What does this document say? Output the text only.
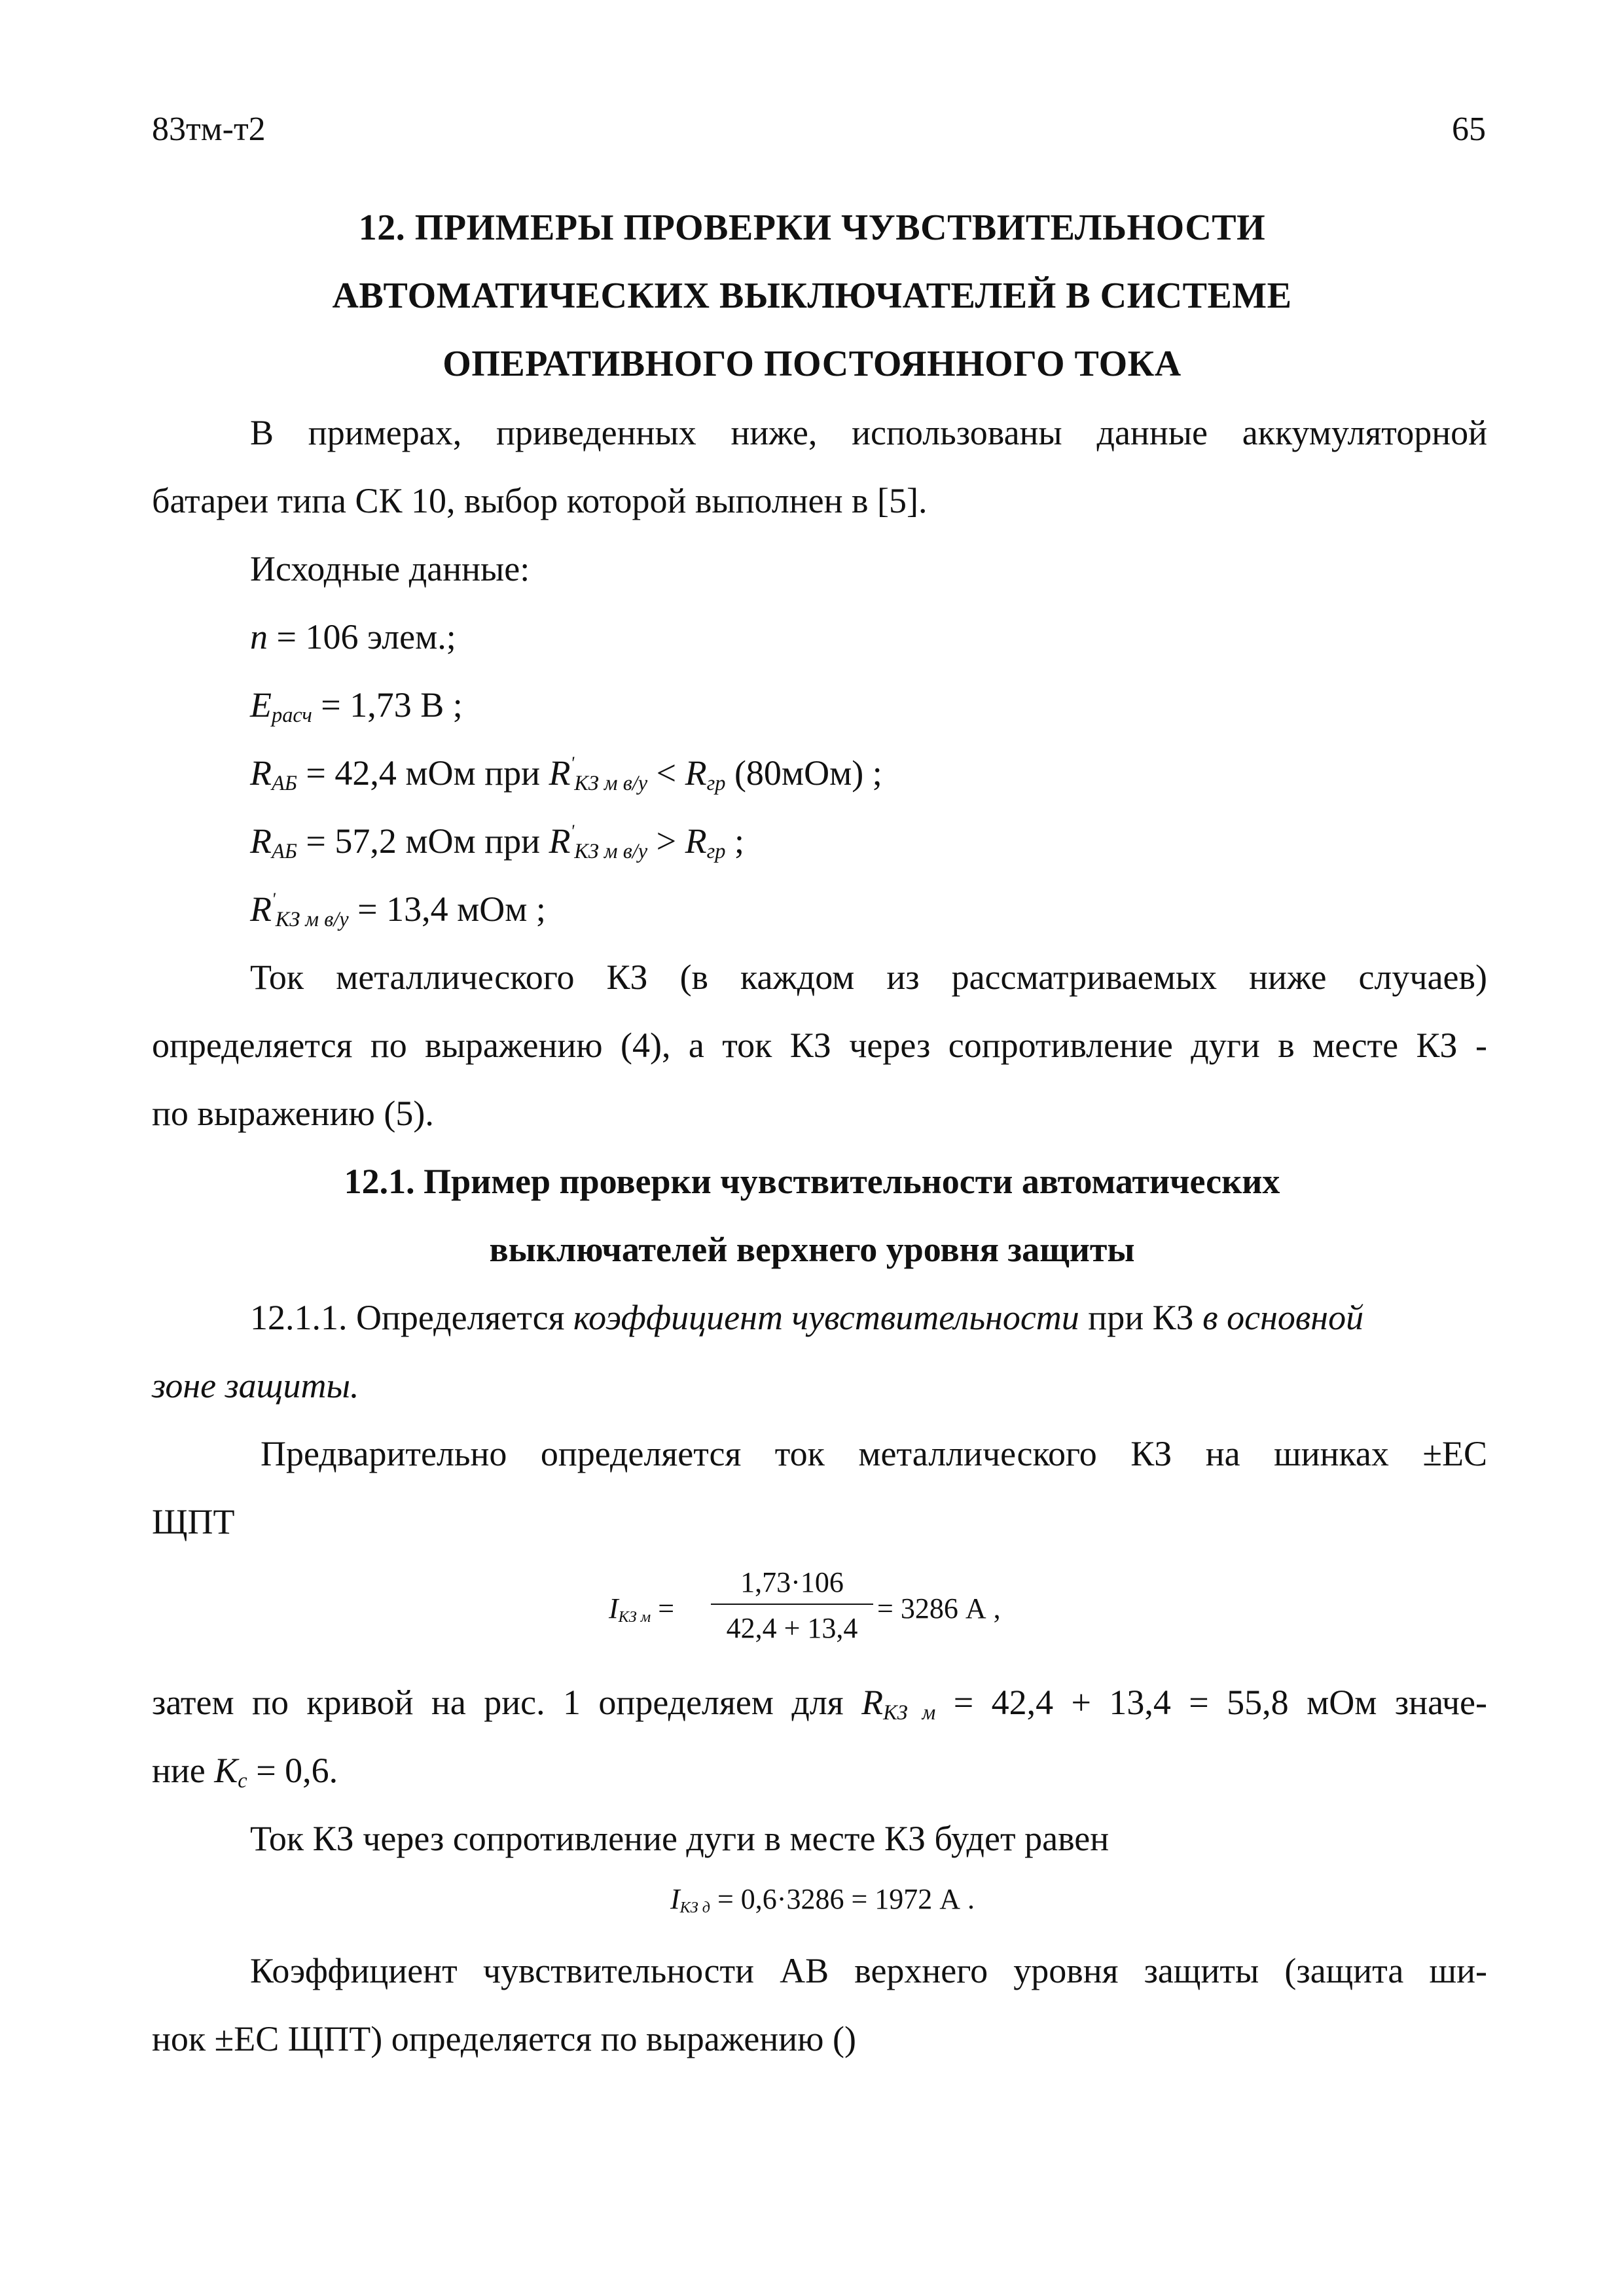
83тм-т2	65
12. ПРИМЕРЫ ПРОВЕРКИ ЧУВСТВИТЕЛЬНОСТИ
АВТОМАТИЧЕСКИХ ВЫКЛЮЧАТЕЛЕЙ В СИСТЕМЕ
ОПЕРАТИВНОГО ПОСТОЯННОГО ТОКА
В примерах, приведенных ниже, использованы данные аккумуляторной
батареи типа СК 10, выбор которой выполнен в [5].
Исходные данные:
n = 106 элем.;
$E_{расч} = 1,73$ В ;
$R_{АБ} = 42,4$ мОм при $R'_{КЗ м в/у} < R_{гр}$ (80мОм) ;
$R_{АБ} = 57,2$ мОм при $R'_{КЗ м в/у} > R_{гр}$ ;
$R'_{КЗ м в/у} = 13,4$ мОм ;
Ток металлического КЗ (в каждом из рассматриваемых ниже случаев)
определяется по выражению (4), а ток КЗ через сопротивление дуги в месте КЗ -
по выражению (5).
12.1. Пример проверки чувствительности автоматических
выключателей верхнего уровня защиты
12.1.1. Определяется коэффициент чувствительности при КЗ в основной
зоне защиты.
Предварительно определяется ток металлического КЗ на шинках ±ЕС
ЩПТ
$I_{КЗ м}$ =
1,73·106
42,4 + 13,4
= 3286 А ,
затем по кривой на рис. 1 определяем для $R_{КЗ м} = 42,4 + 13,4 = 55,8$ мОм значе-
ние $K_c = 0,6$.
Ток КЗ через сопротивление дуги в месте КЗ будет равен
$I_{КЗ д} = 0,6\cdot 3286 = 1972$ А .
Коэффициент чувствительности АВ верхнего уровня защиты (защита ши-
нок ±ЕС ЩПТ) определяется по выражению ()
